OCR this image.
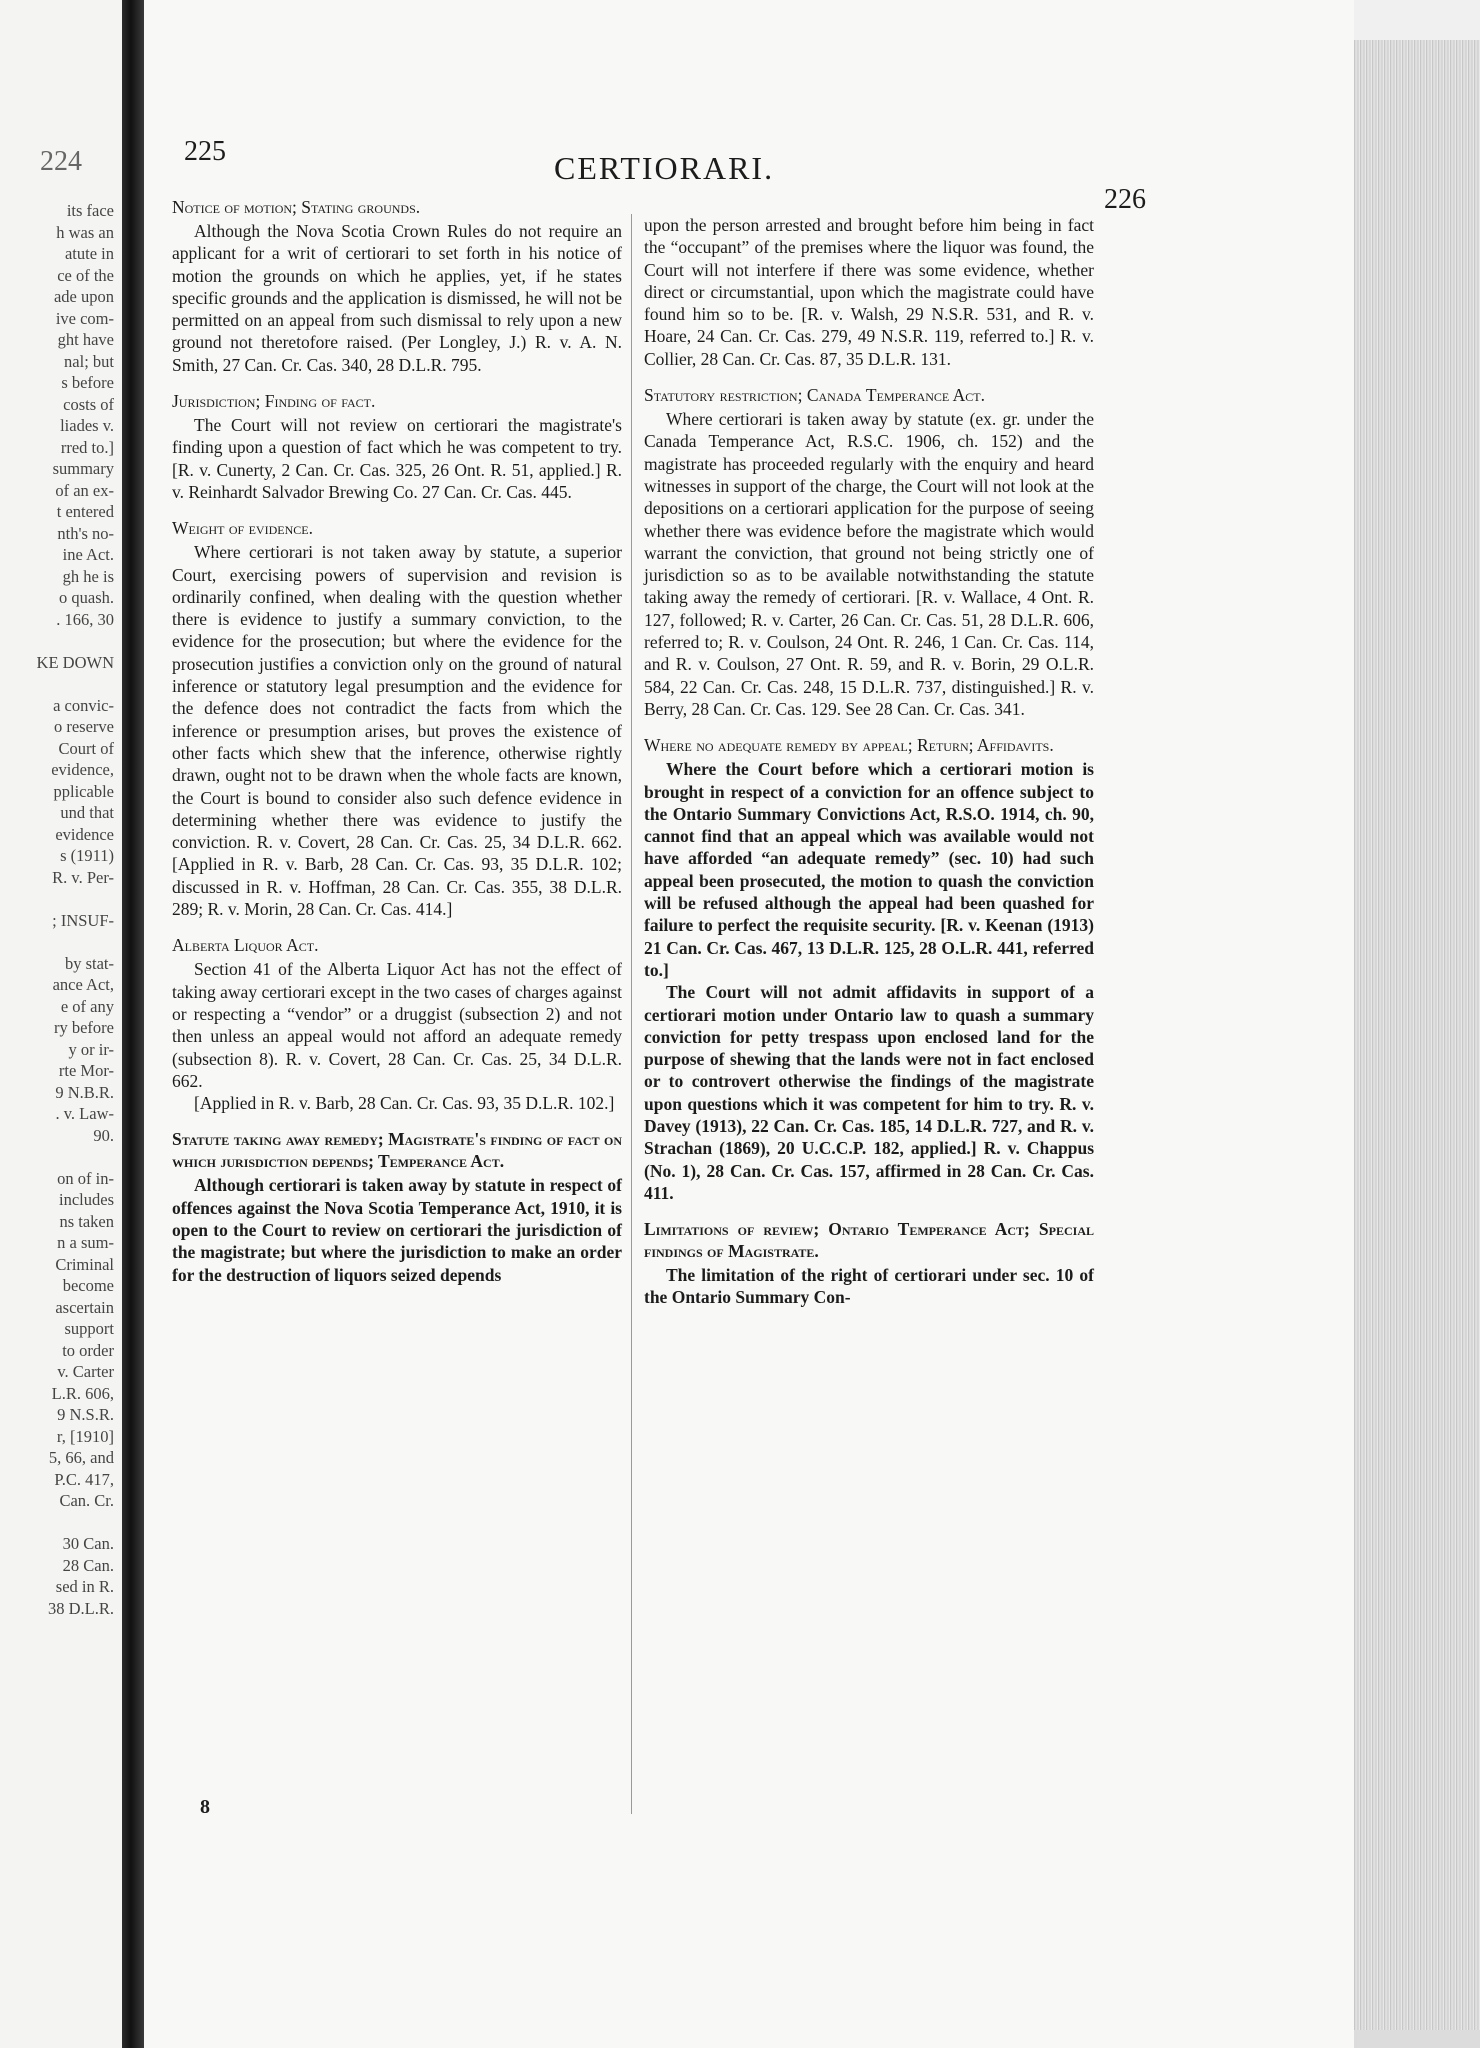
224
its face
h was an
atute in
ce of the
ade upon
ive com-
ght have
nal; but
s before
costs of
liades v.
rred to.]
summary
of an ex-
t entered
nth's no-
ine Act.
gh he is
o quash.
. 166, 30

KE DOWN

a convic-
o reserve
Court of
evidence,
pplicable
und that
evidence
s (1911)
R. v. Per-

; INSUF-

by stat-
ance Act,
e of any
ry before
y or ir-
rte Mor-
9 N.B.R.
. v. Law-
90.

on of in-
includes
ns taken
n a sum-
Criminal
become
ascertain
support
to order
v. Carter
L.R. 606,
9 N.S.R.
r, [1910]
5, 66, and
P.C. 417,
Can. Cr.

30 Can.
28 Can.
sed in R.
38 D.L.R.
225	CERTIORARI.
226
Notice of motion; Stating grounds.
Although the Nova Scotia Crown Rules do not require an applicant for a writ of certiorari to set forth in his notice of motion the grounds on which he applies, yet, if he states specific grounds and the application is dismissed, he will not be permitted on an appeal from such dismissal to rely upon a new ground not theretofore raised. (Per Longley, J.) R. v. A. N. Smith, 27 Can. Cr. Cas. 340, 28 D.L.R. 795.
Jurisdiction; Finding of fact.
The Court will not review on certiorari the magistrate's finding upon a question of fact which he was competent to try. [R. v. Cunerty, 2 Can. Cr. Cas. 325, 26 Ont. R. 51, applied.] R. v. Reinhardt Salvador Brewing Co. 27 Can. Cr. Cas. 445.
Weight of evidence.
Where certiorari is not taken away by statute, a superior Court, exercising powers of supervision and revision is ordinarily confined, when dealing with the question whether there is evidence to justify a summary conviction, to the evidence for the prosecution; but where the evidence for the prosecution justifies a conviction only on the ground of natural inference or statutory legal presumption and the evidence for the defence does not contradict the facts from which the inference or presumption arises, but proves the existence of other facts which shew that the inference, otherwise rightly drawn, ought not to be drawn when the whole facts are known, the Court is bound to consider also such defence evidence in determining whether there was evidence to justify the conviction. R. v. Covert, 28 Can. Cr. Cas. 25, 34 D.L.R. 662. [Applied in R. v. Barb, 28 Can. Cr. Cas. 93, 35 D.L.R. 102; discussed in R. v. Hoffman, 28 Can. Cr. Cas. 355, 38 D.L.R. 289; R. v. Morin, 28 Can. Cr. Cas. 414.]
Alberta Liquor Act.
Section 41 of the Alberta Liquor Act has not the effect of taking away certiorari except in the two cases of charges against or respecting a “vendor” or a druggist (subsection 2) and not then unless an appeal would not afford an adequate remedy (subsection 8). R. v. Covert, 28 Can. Cr. Cas. 25, 34 D.L.R. 662.
[Applied in R. v. Barb, 28 Can. Cr. Cas. 93, 35 D.L.R. 102.]
Statute taking away remedy; Magistrate's finding of fact on which jurisdiction depends; Temperance Act.
Although certiorari is taken away by statute in respect of offences against the Nova Scotia Temperance Act, 1910, it is open to the Court to review on certiorari the jurisdiction of the magistrate; but where the jurisdiction to make an order for the destruction of liquors seized depends
upon the person arrested and brought before him being in fact the “occupant” of the premises where the liquor was found, the Court will not interfere if there was some evidence, whether direct or circumstantial, upon which the magistrate could have found him so to be. [R. v. Walsh, 29 N.S.R. 531, and R. v. Hoare, 24 Can. Cr. Cas. 279, 49 N.S.R. 119, referred to.] R. v. Collier, 28 Can. Cr. Cas. 87, 35 D.L.R. 131.
Statutory restriction; Canada Temperance Act.
Where certiorari is taken away by statute (ex. gr. under the Canada Temperance Act, R.S.C. 1906, ch. 152) and the magistrate has proceeded regularly with the enquiry and heard witnesses in support of the charge, the Court will not look at the depositions on a certiorari application for the purpose of seeing whether there was evidence before the magistrate which would warrant the conviction, that ground not being strictly one of jurisdiction so as to be available notwithstanding the statute taking away the remedy of certiorari. [R. v. Wallace, 4 Ont. R. 127, followed; R. v. Carter, 26 Can. Cr. Cas. 51, 28 D.L.R. 606, referred to; R. v. Coulson, 24 Ont. R. 246, 1 Can. Cr. Cas. 114, and R. v. Coulson, 27 Ont. R. 59, and R. v. Borin, 29 O.L.R. 584, 22 Can. Cr. Cas. 248, 15 D.L.R. 737, distinguished.] R. v. Berry, 28 Can. Cr. Cas. 129. See 28 Can. Cr. Cas. 341.
Where no adequate remedy by appeal; Return; Affidavits.
Where the Court before which a certiorari motion is brought in respect of a conviction for an offence subject to the Ontario Summary Convictions Act, R.S.O. 1914, ch. 90, cannot find that an appeal which was available would not have afforded “an adequate remedy” (sec. 10) had such appeal been prosecuted, the motion to quash the conviction will be refused although the appeal had been quashed for failure to perfect the requisite security. [R. v. Keenan (1913) 21 Can. Cr. Cas. 467, 13 D.L.R. 125, 28 O.L.R. 441, referred to.]
The Court will not admit affidavits in support of a certiorari motion under Ontario law to quash a summary conviction for petty trespass upon enclosed land for the purpose of shewing that the lands were not in fact enclosed or to controvert otherwise the findings of the magistrate upon questions which it was competent for him to try. R. v. Davey (1913), 22 Can. Cr. Cas. 185, 14 D.L.R. 727, and R. v. Strachan (1869), 20 U.C.C.P. 182, applied.] R. v. Chappus (No. 1), 28 Can. Cr. Cas. 157, affirmed in 28 Can. Cr. Cas. 411.
Limitations of review; Ontario Temperance Act; Special findings of Magistrate.
The limitation of the right of certiorari under sec. 10 of the Ontario Summary Con-
8
